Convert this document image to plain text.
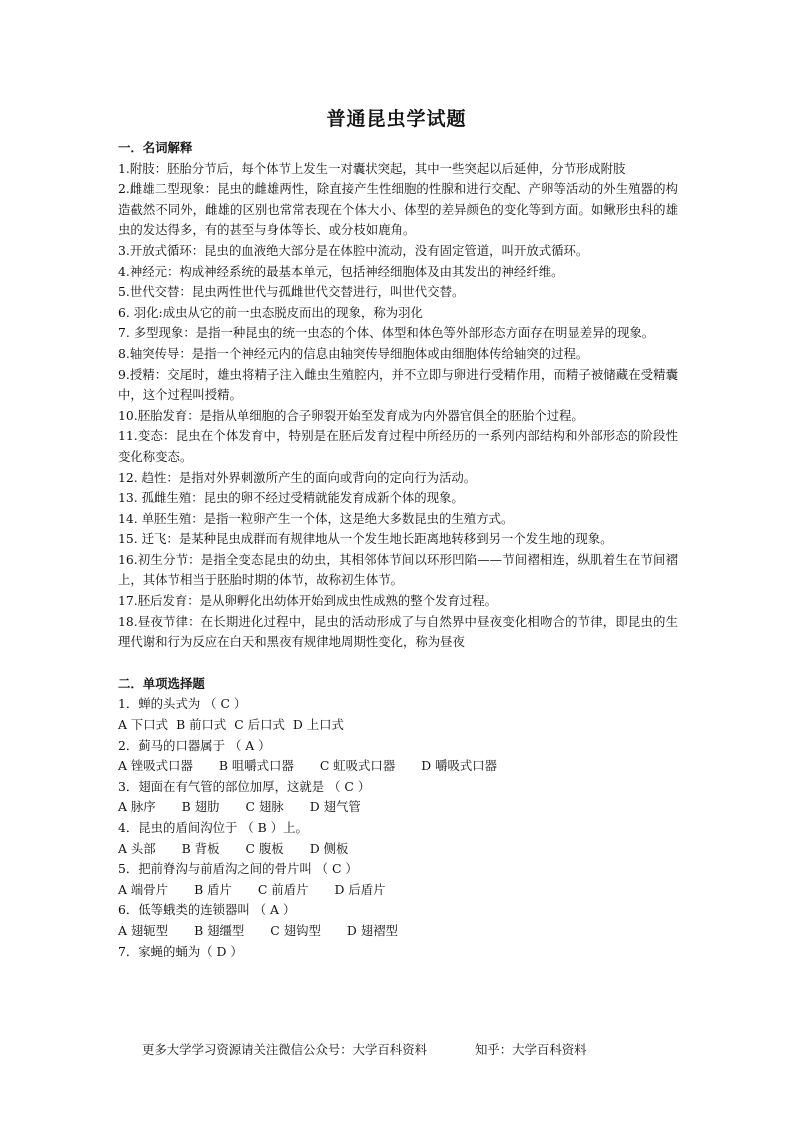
普通昆虫学试题
一．名词解释

1.附肢：胚胎分节后，每个体节上发生一对囊状突起，其中一些突起以后延伸，分节形成附肢

2.雌雄二型现象：昆虫的雌雄两性，除直接产生性细胞的性腺和进行交配、产卵等活动的外生殖器的构造截然不同外，雌雄的区别也常常表现在个体大小、体型的差异颜色的变化等到方面。如鳅形虫科的雄虫的发达得多，有的甚至与身体等长、或分枝如鹿角。

3.开放式循环：昆虫的血液绝大部分是在体腔中流动，没有固定管道，叫开放式循环。

4.神经元：构成神经系统的最基本单元，包括神经细胞体及由其发出的神经纤维。

5.世代交替：昆虫两性世代与孤雌世代交替进行，叫世代交替。

6. 羽化:成虫从它的前一虫态脱皮而出的现象，称为羽化

7. 多型现象：是指一种昆虫的统一虫态的个体、体型和体色等外部形态方面存在明显差异的现象。

8.轴突传导：是指一个神经元内的信息由轴突传导细胞体或由细胞体传给轴突的过程。

9.授精：交尾时，雄虫将精子注入雌虫生殖腔内，并不立即与卵进行受精作用，而精子被储藏在受精囊中，这个过程叫授精。

10.胚胎发育：是指从单细胞的合子卵裂开始至发育成为内外器官俱全的胚胎个过程。

11.变态：昆虫在个体发育中，特别是在胚后发育过程中所经历的一系列内部结构和外部形态的阶段性变化称变态。

12. 趋性：是指对外界刺激所产生的面向或背向的定向行为活动。

13. 孤雌生殖：昆虫的卵不经过受精就能发育成新个体的现象。

14. 单胚生殖：是指一粒卵产生一个体，这是绝大多数昆虫的生殖方式。

15. 迁飞：是某种昆虫成群而有规律地从一个发生地长距离地转移到另一个发生地的现象。

16.初生分节：是指全变态昆虫的幼虫，其相邻体节间以环形凹陷——节间褶相连，纵肌着生在节间褶上，其体节相当于胚胎时期的体节，故称初生体节。

17.胚后发育：是从卵孵化出幼体开始到成虫性成熟的整个发育过程。

18.昼夜节律：在长期进化过程中，昆虫的活动形成了与自然界中昼夜变化相吻合的节律，即昆虫的生理代谢和行为反应在白天和黑夜有规律地周期性变化，称为昼夜

二．单项选择题
1．蝉的头式为 （ C ）
A 下口式 B 前口式 C 后口式 D 上口式
2．蓟马的口器属于 （ A ）
A 锉吸式口器 B 咀嚼式口器 C 虹吸式口器 D 嚼吸式口器
3．翅面在有气管的部位加厚，这就是 （ C ）
A 脉序 B 翅肋 C 翅脉 D 翅气管
4．昆虫的盾间沟位于 （ B ）上。
A 头部 B 背板 C 腹板 D 侧板
5．把前脊沟与前盾沟之间的骨片叫 （ C ）
A 端骨片 B 盾片 C 前盾片 D 后盾片
6．低等蛾类的连锁器叫 （ A ）
A 翅轭型 B 翅缰型 C 翅钩型 D 翅褶型
7．家蝇的蛹为（ D ）
更多大学学习资源请关注微信公众号：大学百科资料	知乎：大学百科资料
